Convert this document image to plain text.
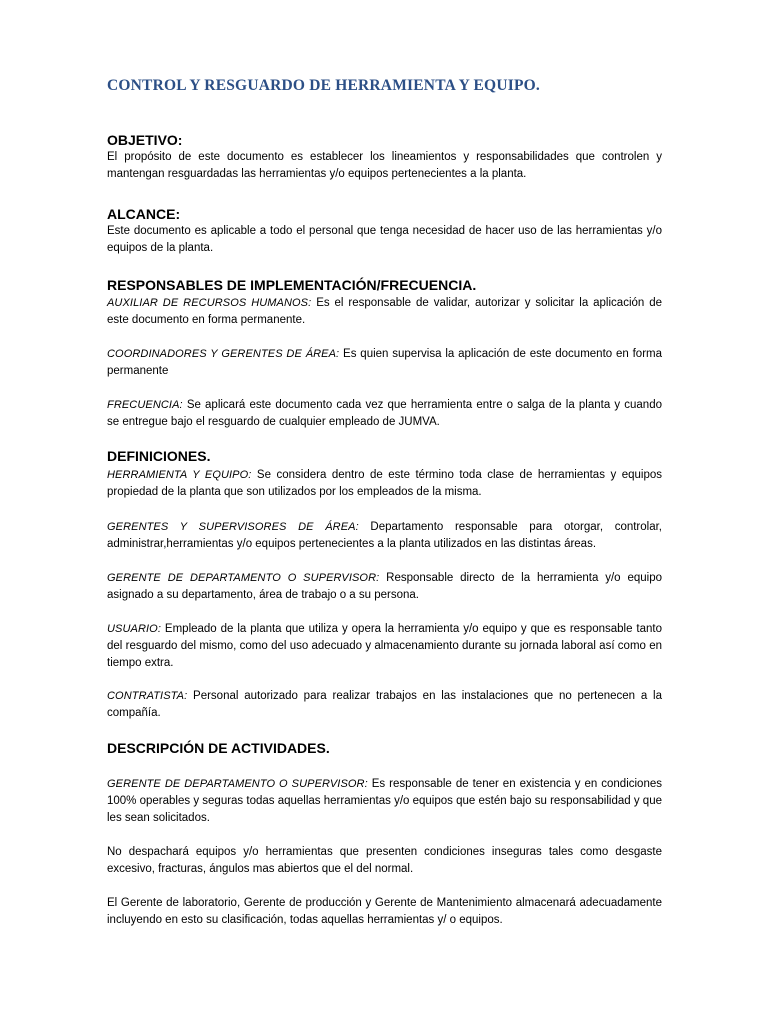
CONTROL Y RESGUARDO DE HERRAMIENTA Y EQUIPO.
OBJETIVO:

El propósito de este documento es establecer los lineamientos y responsabilidades que controlen y mantengan resguardadas las herramientas y/o equipos pertenecientes a la planta.

ALCANCE:

Este documento es aplicable a todo el personal que tenga necesidad de hacer uso de las herramientas y/o equipos de la planta.

RESPONSABLES DE IMPLEMENTACIÓN/FRECUENCIA.

AUXILIAR DE RECURSOS HUMANOS: Es el responsable de validar, autorizar y solicitar la aplicación de este documento en forma permanente.

COORDINADORES Y GERENTES DE ÁREA: Es quien supervisa la aplicación de este documento en forma permanente

FRECUENCIA: Se aplicará este documento cada vez que herramienta entre o salga de la planta y cuando se entregue bajo el resguardo de cualquier empleado de JUMVA.

DEFINICIONES.

HERRAMIENTA Y EQUIPO: Se considera dentro de este término toda clase de herramientas y equipos propiedad de la planta que son utilizados por los empleados de la misma.

GERENTES Y SUPERVISORES DE ÁREA: Departamento responsable para otorgar, controlar, administrar,herramientas y/o equipos pertenecientes a la planta utilizados en las distintas áreas.

GERENTE DE DEPARTAMENTO O SUPERVISOR: Responsable directo de la herramienta y/o equipo asignado a su departamento, área de trabajo o a su persona.

USUARIO: Empleado de la planta que utiliza y opera la herramienta y/o equipo y que es responsable tanto del resguardo del mismo, como del uso adecuado y almacenamiento durante su jornada laboral así como en tiempo extra.

CONTRATISTA: Personal autorizado para realizar trabajos en las instalaciones que no pertenecen a la compañía.

DESCRIPCIÓN DE ACTIVIDADES.

GERENTE DE DEPARTAMENTO O SUPERVISOR: Es responsable de tener en existencia y en condiciones 100% operables y seguras todas aquellas herramientas y/o equipos que estén bajo su responsabilidad y que les sean solicitados.

No despachará equipos y/o herramientas que presenten condiciones inseguras tales como desgaste excesivo, fracturas, ángulos mas abiertos que el del normal.

El Gerente de laboratorio, Gerente de producción y Gerente de Mantenimiento almacenará adecuadamente incluyendo en esto su clasificación, todas aquellas herramientas y/ o equipos.
